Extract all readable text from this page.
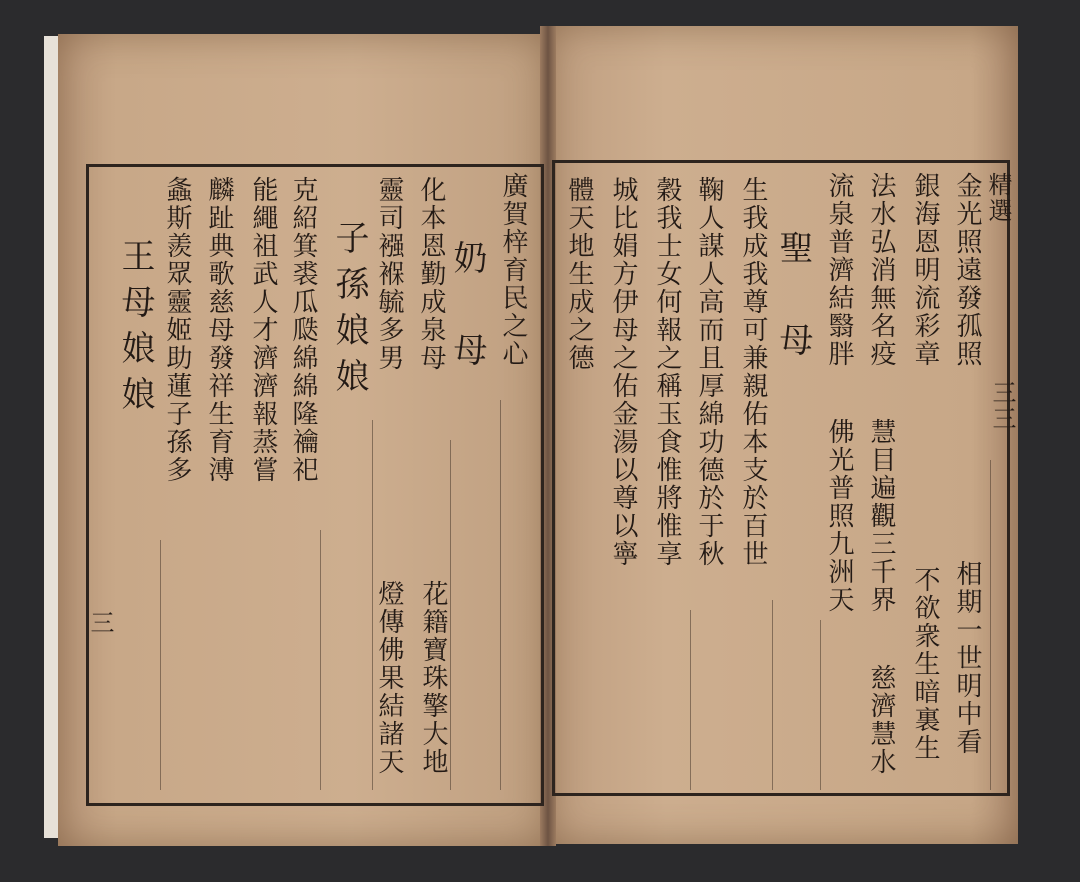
廣賀梓育民之心
奶　母
化本恩勤成泉母
靈司襁褓毓多男
子孫娘娘
克紹箕裘瓜瓞綿綿隆禴祀
能繩祖武人才濟濟報蒸嘗
麟趾典歌慈母發祥生育溥
螽斯羨眾靈姬助蓮子孫多
王母娘娘
花籍寶珠擎大地
燈傳佛果結諸天
三
精選
金光照遠發孤照
銀海恩明流彩章
法水弘消無名疫
流泉普濟結翳胖
聖　母
生我成我尊可兼親佑本支於百世
鞠人謀人高而且厚綿功德於于秋
穀我士女何報之稱玉食惟將惟享
城比娟方伊母之佑金湯以尊以寧
體天地生成之德
慧目遍觀三千界
佛光普照九洲天
相期一世明中看
不欲衆生暗裏生
慈濟慧水
三三
